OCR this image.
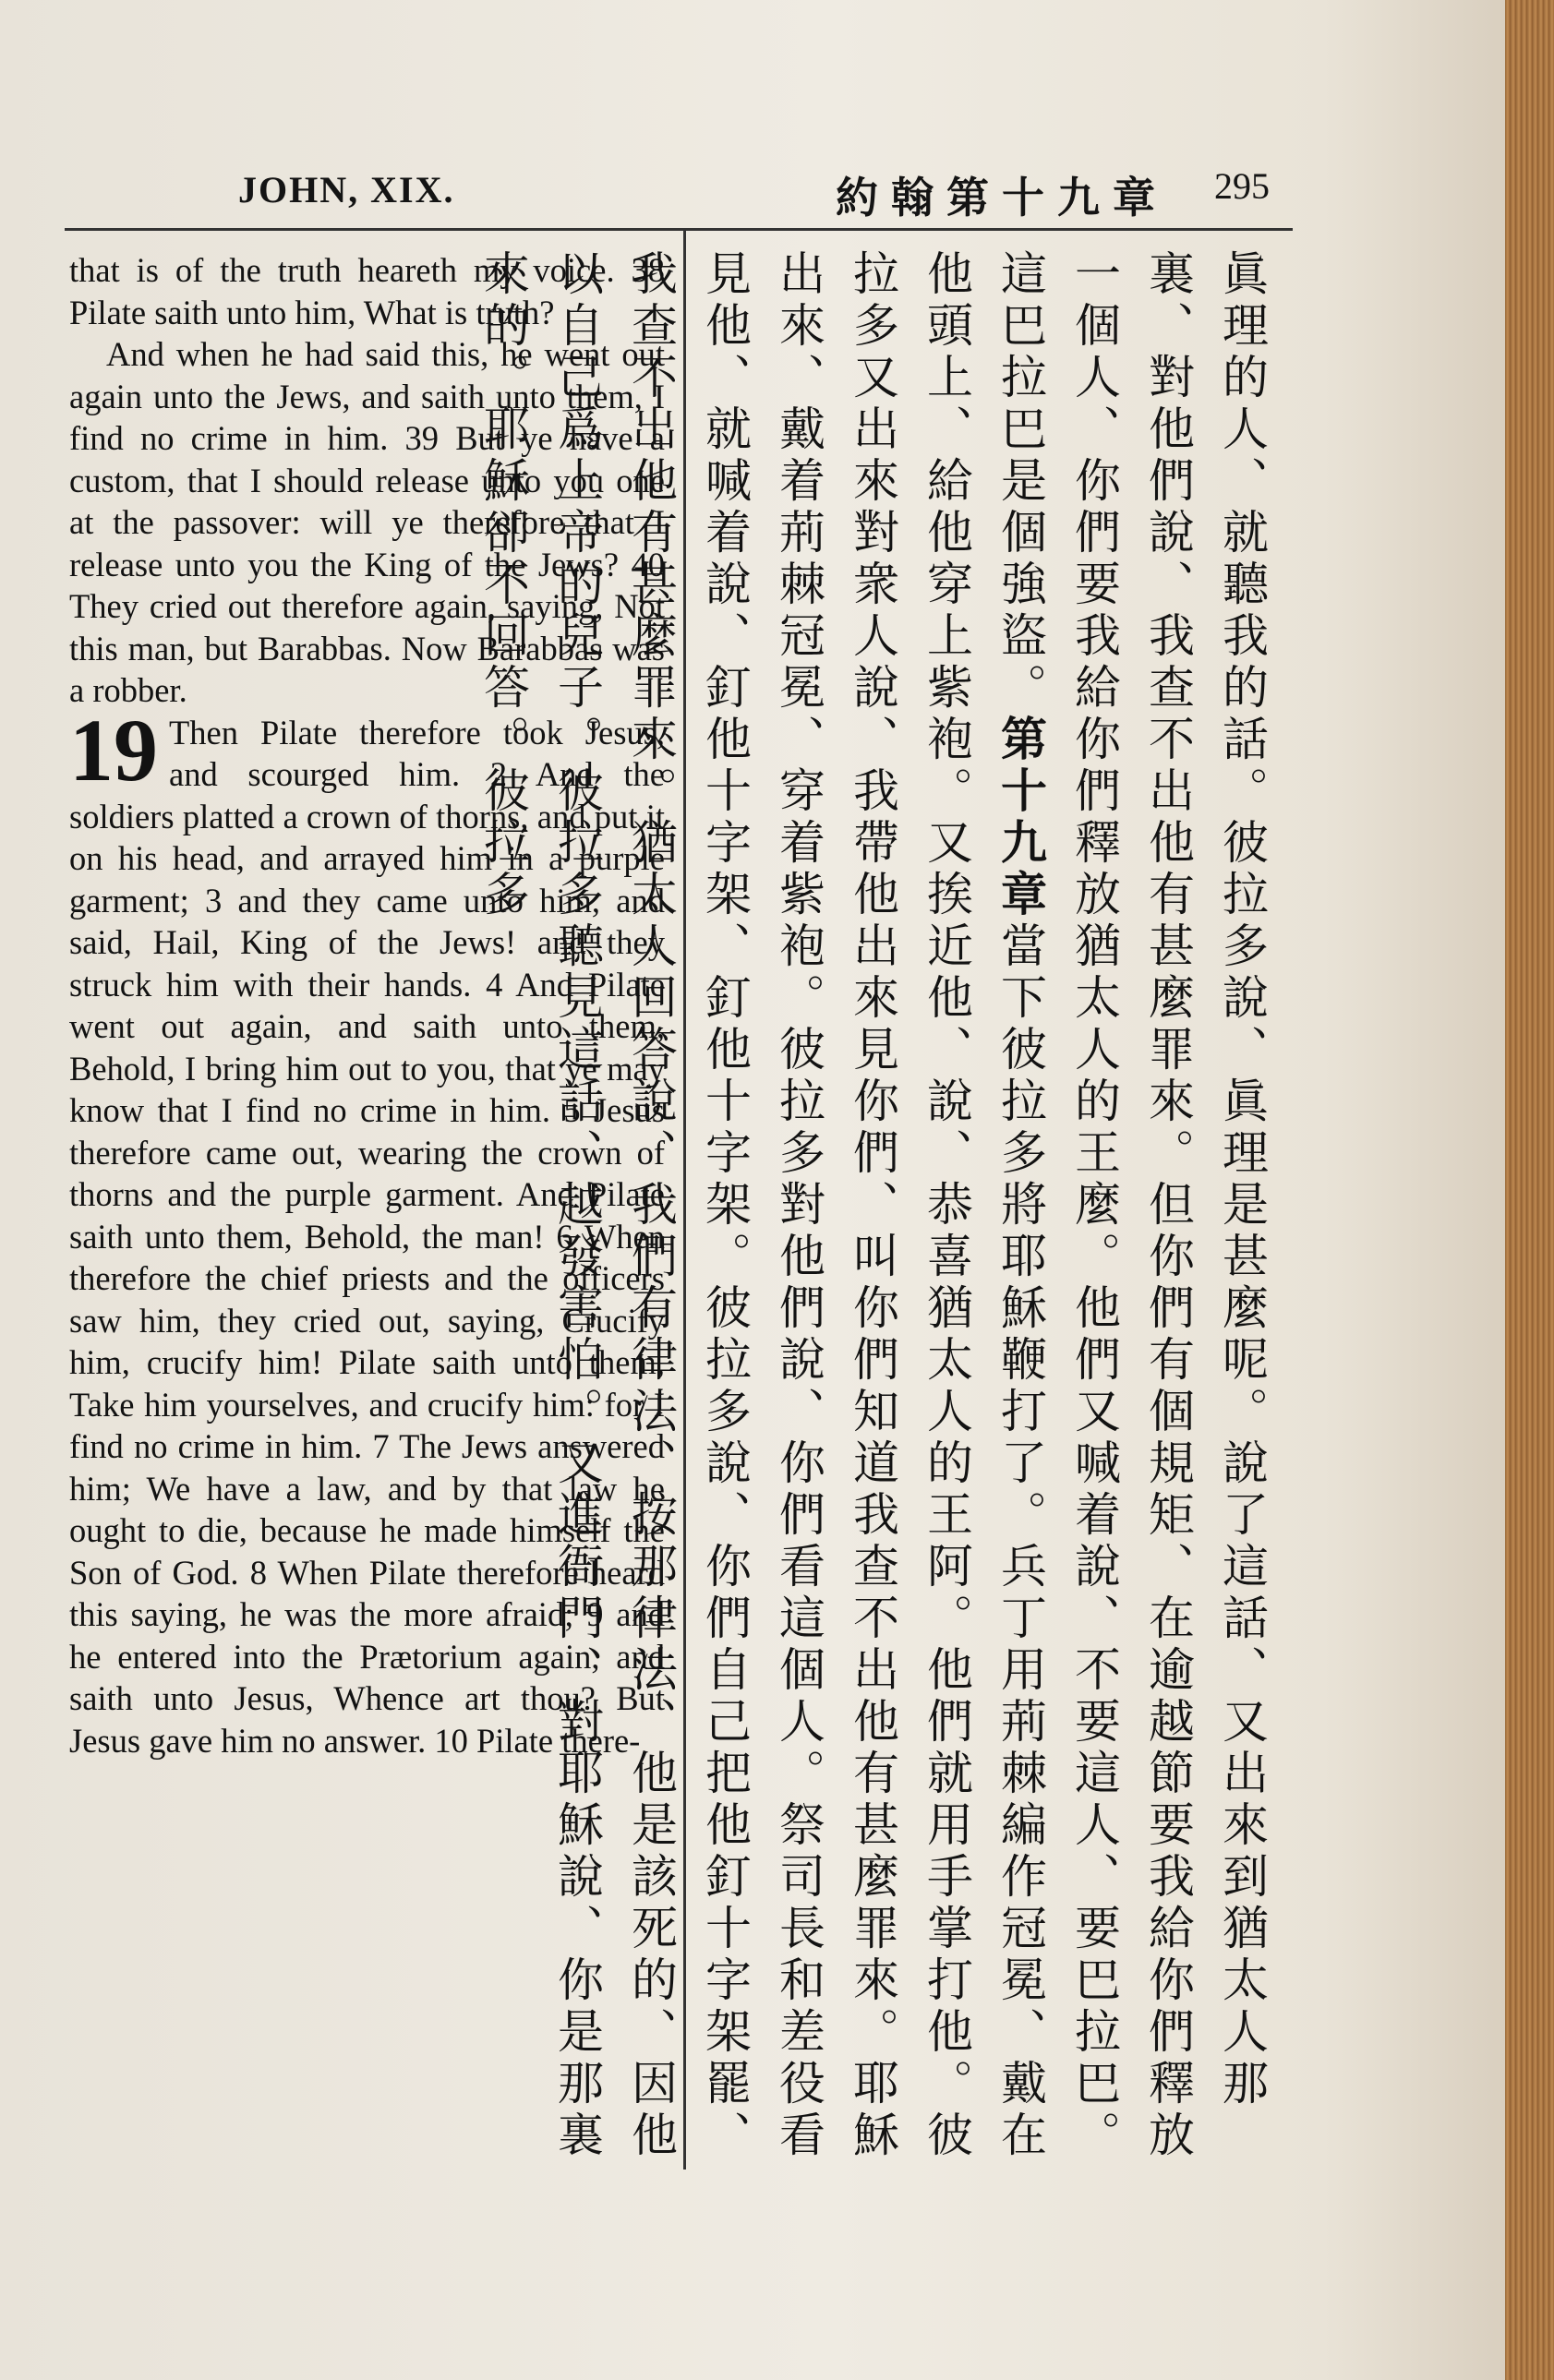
JOHN, XIX.	約翰第十九章 295

that is of the truth heareth my voice. 38 Pilate saith unto him, What is truth?

And when he had said this, he went out again unto the Jews, and saith unto them, I find no crime in him. 39 But ye have a custom, that I should release unto you one at the passover: will ye therefore that I release unto you the King of the Jews? 40 They cried out therefore again, saying, Not this man, but Barabbas. Now Barabbas was a robber.

19 Then Pilate therefore took Jesus, and scourged him. 2 And the soldiers platted a crown of thorns, and put it on his head, and arrayed him in a purple garment; 3 and they came unto him, and said, Hail, King of the Jews! and they struck him with their hands. 4 And Pilate went out again, and saith unto them, Behold, I bring him out to you, that ye may know that I find no crime in him. 5 Jesus therefore came out, wearing the crown of thorns and the purple garment. And Pilate saith unto them, Behold, the man! 6 When therefore the chief priests and the officers saw him, they cried out, saying, Crucify him, crucify him! Pilate saith unto them, Take him yourselves, and crucify him: for I find no crime in him. 7 The Jews answered him; We have a law, and by that law he ought to die, because he made himself the Son of God. 8 When Pilate therefore heard this saying, he was the more afraid; 9 and he entered into the Prætorium again, and saith unto Jesus, Whence art thou? But Jesus gave him no answer. 10 Pilate there-	眞理的人、就聽我的話。彼拉多說、眞理是甚麼呢。說了這話、又出來到猶太人那裏、對他們說、我查不出他有甚麼罪來。但你們有個規矩、在逾越節要我給你們釋放一個人、你們要我給你們釋放猶太人的王麼。他們又喊着說、不要這人、要巴拉巴。這巴拉巴是個強盜。第十九章當下彼拉多將耶穌鞭打了。兵丁用荊棘編作冠冕、戴在他頭上、給他穿上紫袍。又挨近他、說、恭喜猶太人的王阿。他們就用手掌打他。彼拉多又出來對衆人說、我帶他出來見你們、叫你們知道我查不出他有甚麼罪來。耶穌出來、戴着荊棘冠冕、穿着紫袍。彼拉多對他們說、你們看這個人。祭司長和差役看見他、就喊着說、釘他十字架、釘他十字架。彼拉多說、你們自己把他釘十字架罷、我查不出他有甚麼罪來。猶太人回答說、我們有律法、按那律法、他是該死的、因他以自己爲上帝的兒子。彼拉多聽見這話、越發害怕。又進衙門、對耶穌說、你是那裏來的。耶穌卻不回答。彼拉多
